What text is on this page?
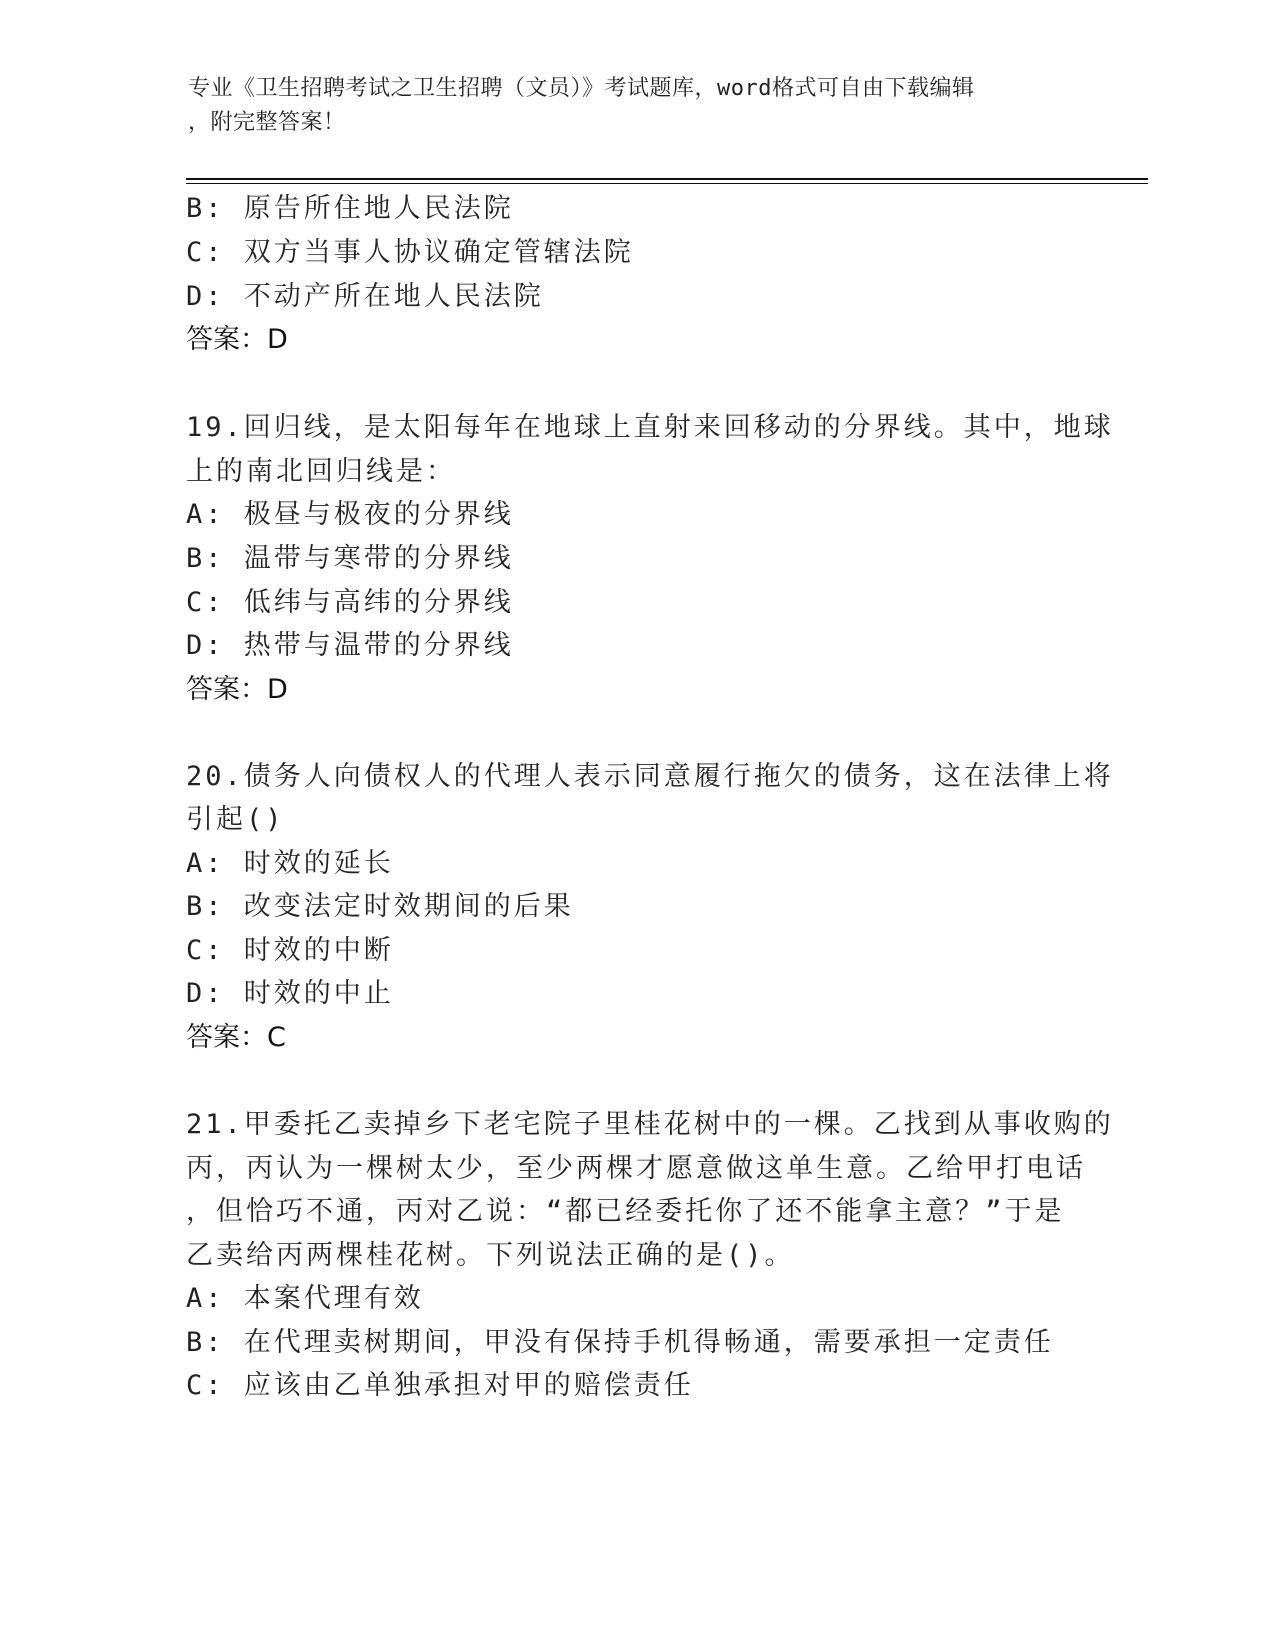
专业《卫生招聘考试之卫生招聘（文员）》考试题库，word格式可自由下载编辑
，附完整答案！
B: 原告所住地人民法院
C: 双方当事人协议确定管辖法院
D: 不动产所在地人民法院
答案：D
19.回归线，是太阳每年在地球上直射来回移动的分界线。其中，地球
上的南北回归线是：
A: 极昼与极夜的分界线
B: 温带与寒带的分界线
C: 低纬与高纬的分界线
D: 热带与温带的分界线
答案：D
20.债务人向债权人的代理人表示同意履行拖欠的债务，这在法律上将
引起()
A: 时效的延长
B: 改变法定时效期间的后果
C: 时效的中断
D: 时效的中止
答案：C
21.甲委托乙卖掉乡下老宅院子里桂花树中的一棵。乙找到从事收购的
丙，丙认为一棵树太少，至少两棵才愿意做这单生意。乙给甲打电话
，但恰巧不通，丙对乙说：“都已经委托你了还不能拿主意？”于是
乙卖给丙两棵桂花树。下列说法正确的是()。
A: 本案代理有效
B: 在代理卖树期间，甲没有保持手机得畅通，需要承担一定责任
C: 应该由乙单独承担对甲的赔偿责任
